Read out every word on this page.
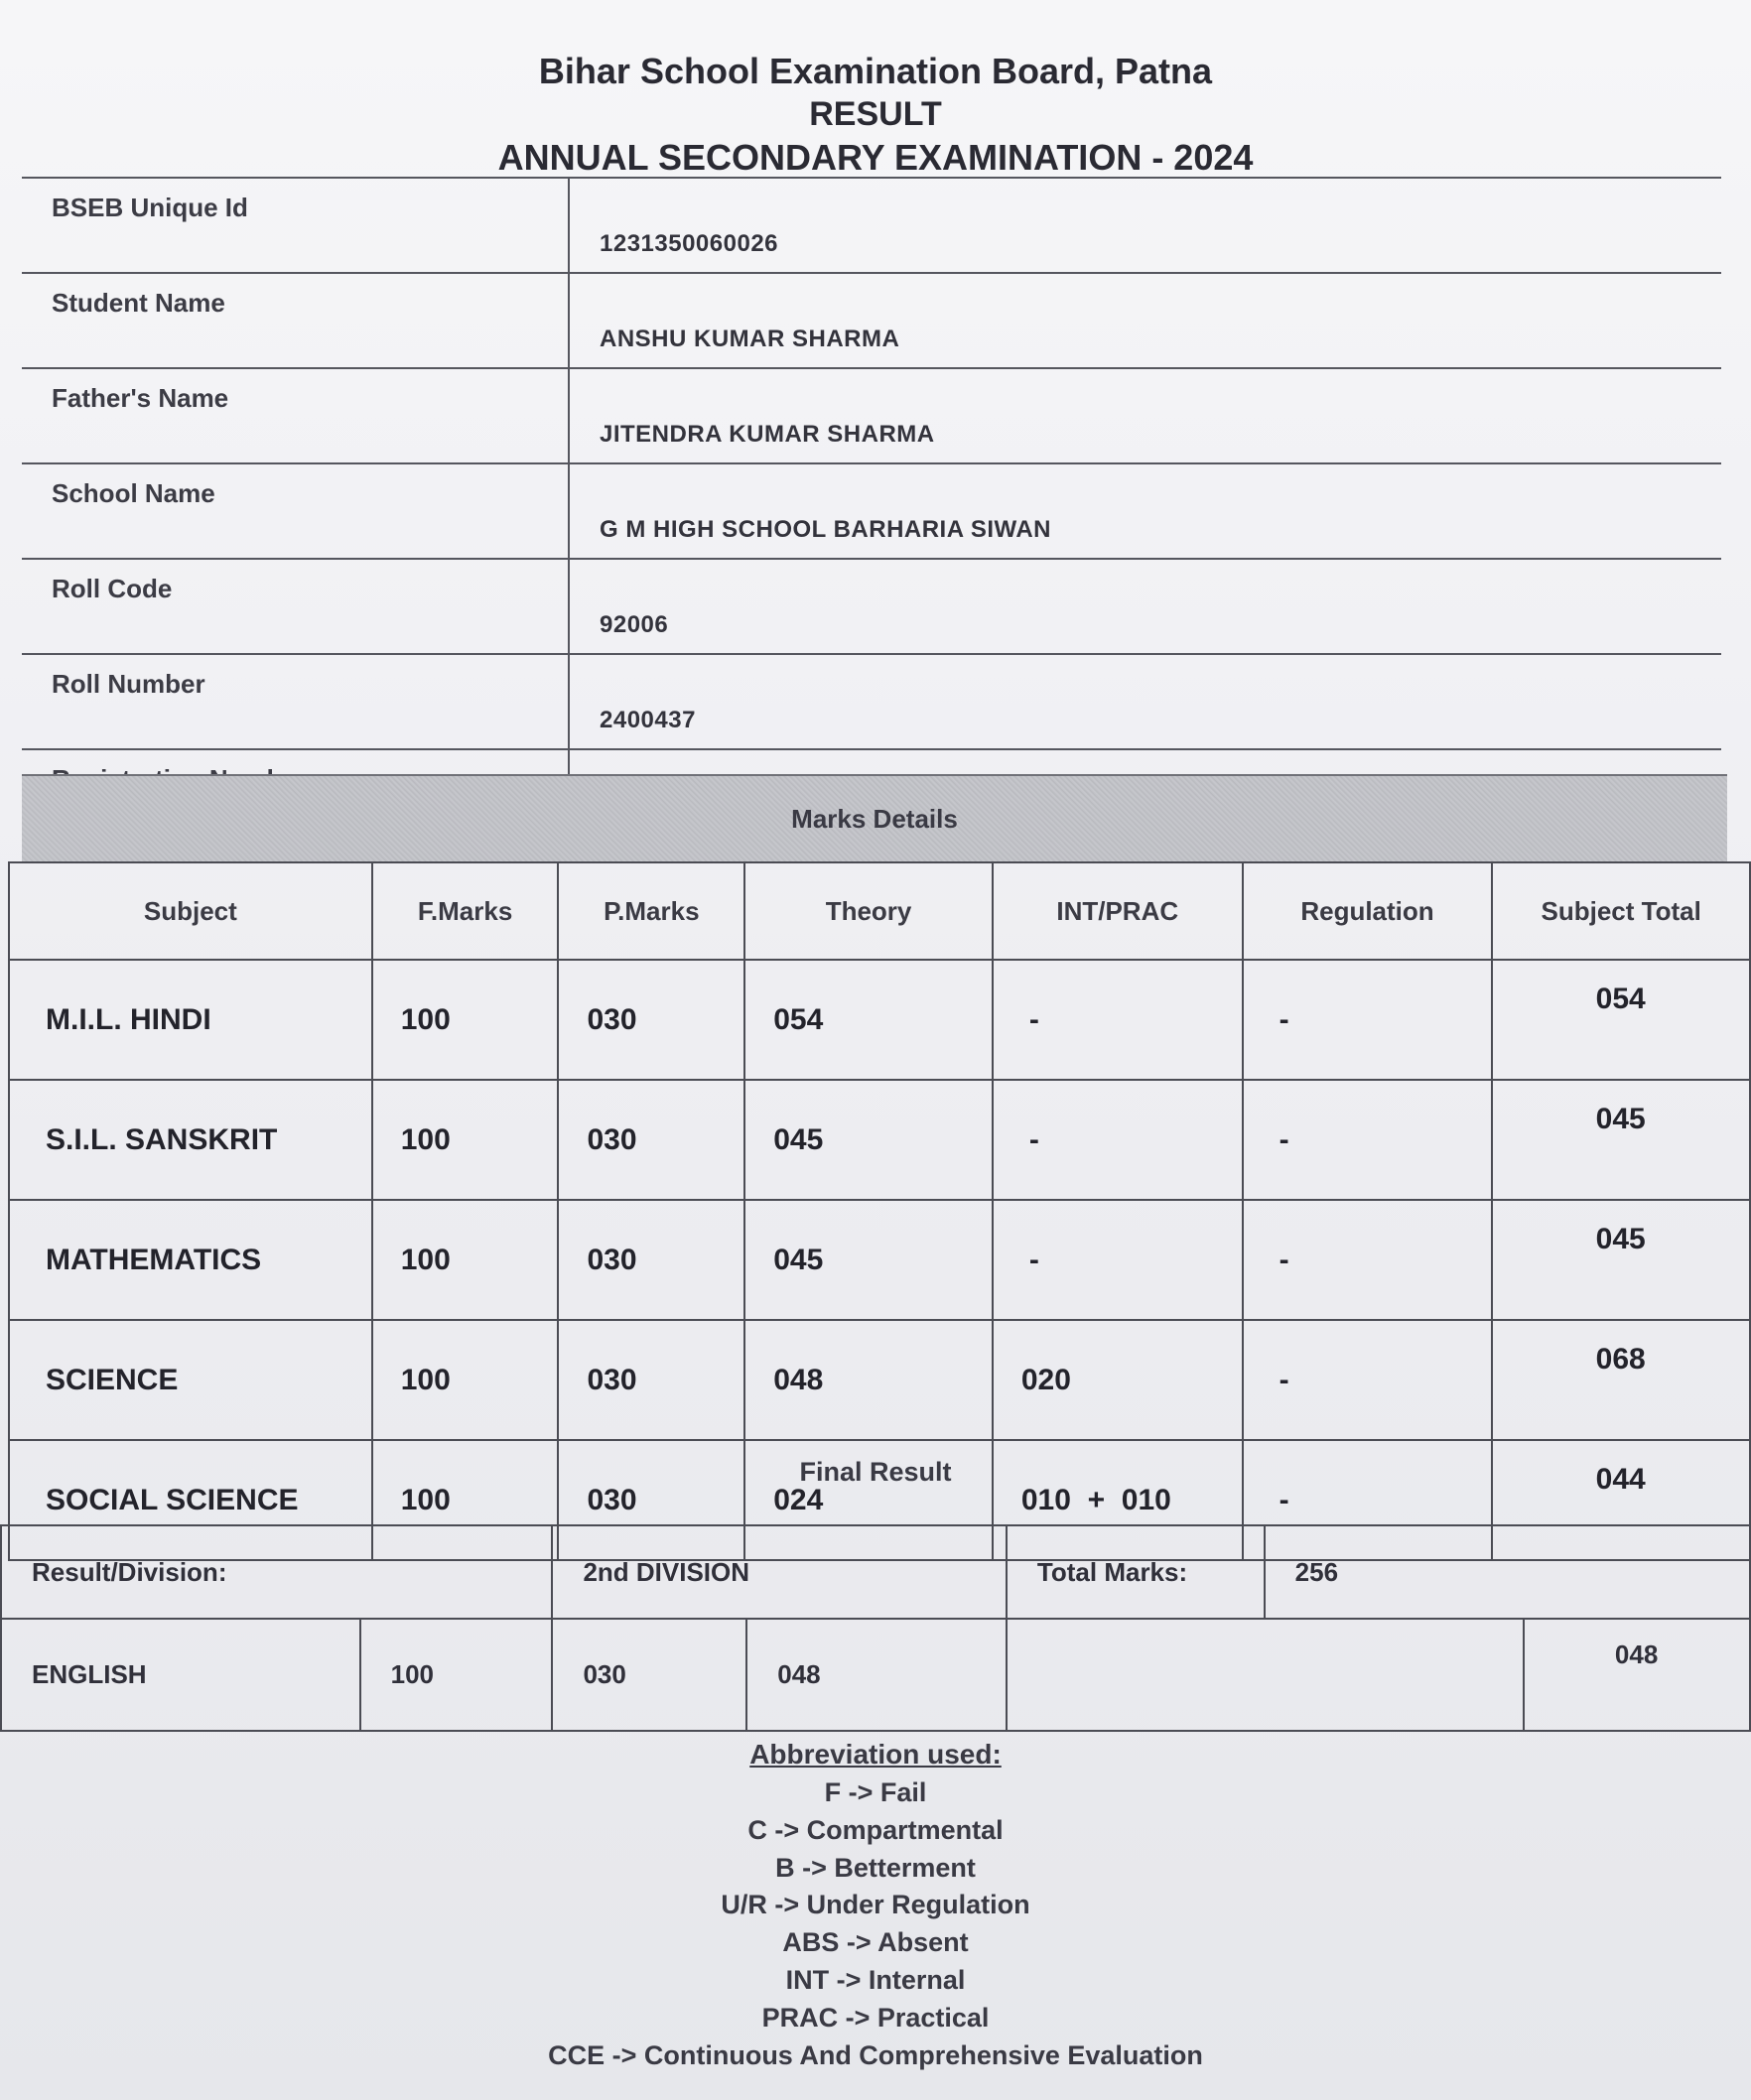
Bihar School Examination Board, Patna
RESULT
ANNUAL SECONDARY EXAMINATION - 2024
BSEB Unique Id	1231350060026
Student Name	ANSHU KUMAR SHARMA
Father's Name	JITENDRA KUMAR SHARMA
School Name	G M HIGH SCHOOL BARHARIA SIWAN
Roll Code	92006
Roll Number	2400437

Marks Details
Subject	F.Marks	P.Marks	Theory	INT/PRAC	Regulation	Subject Total
M.I.L. HINDI	100	030	054	-	-	054
S.I.L. SANSKRIT	100	030	045	-	-	045
MATHEMATICS	100	030	045	-	-	045
SCIENCE	100	030	048	020	-	068
SOCIAL SCIENCE	100	030	024	010  +  010	-	044
Final Result
Result/Division:		2nd DIVISION		Total Marks:	256	
ENGLISH	100	030	048			048
Abbreviation used:
F -> Fail
C -> Compartmental
B -> Betterment
U/R -> Under Regulation
ABS -> Absent
INT -> Internal
PRAC -> Practical
CCE -> Continuous And Comprehensive Evaluation
